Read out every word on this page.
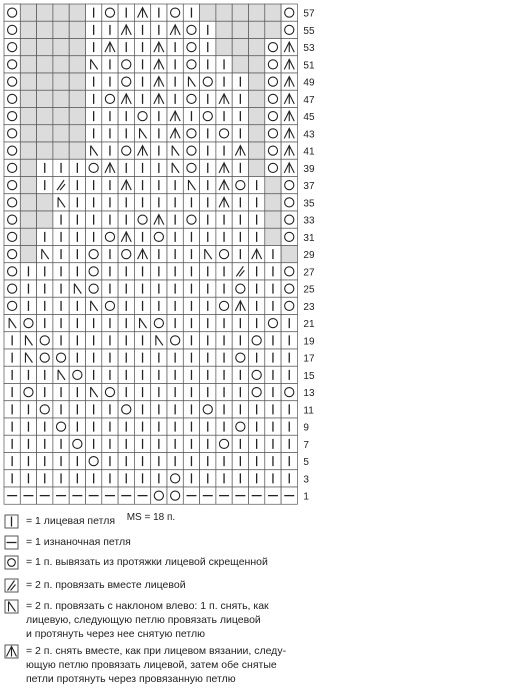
57
55
53
51
49
47
45
43
41
39
37
35
33
31
29
27
25
23
21
19
17
15
13
11
9
7
5
3
1
MS = 18 п.
= 1 лицевая петля
= 1 изнаночная петля
= 1 п. вывязать из протяжки лицевой скрещенной
= 2 п. провязать вместе лицевой
= 2 п. провязать с наклоном влево: 1 п. снять, как
лицевую, следующую петлю провязать лицевой
и протянуть через нее снятую петлю
= 2 п. снять вместе, как при лицевом вязании, следу-
ющую петлю провязать лицевой, затем обе снятые
петли протянуть через провязанную петлю
